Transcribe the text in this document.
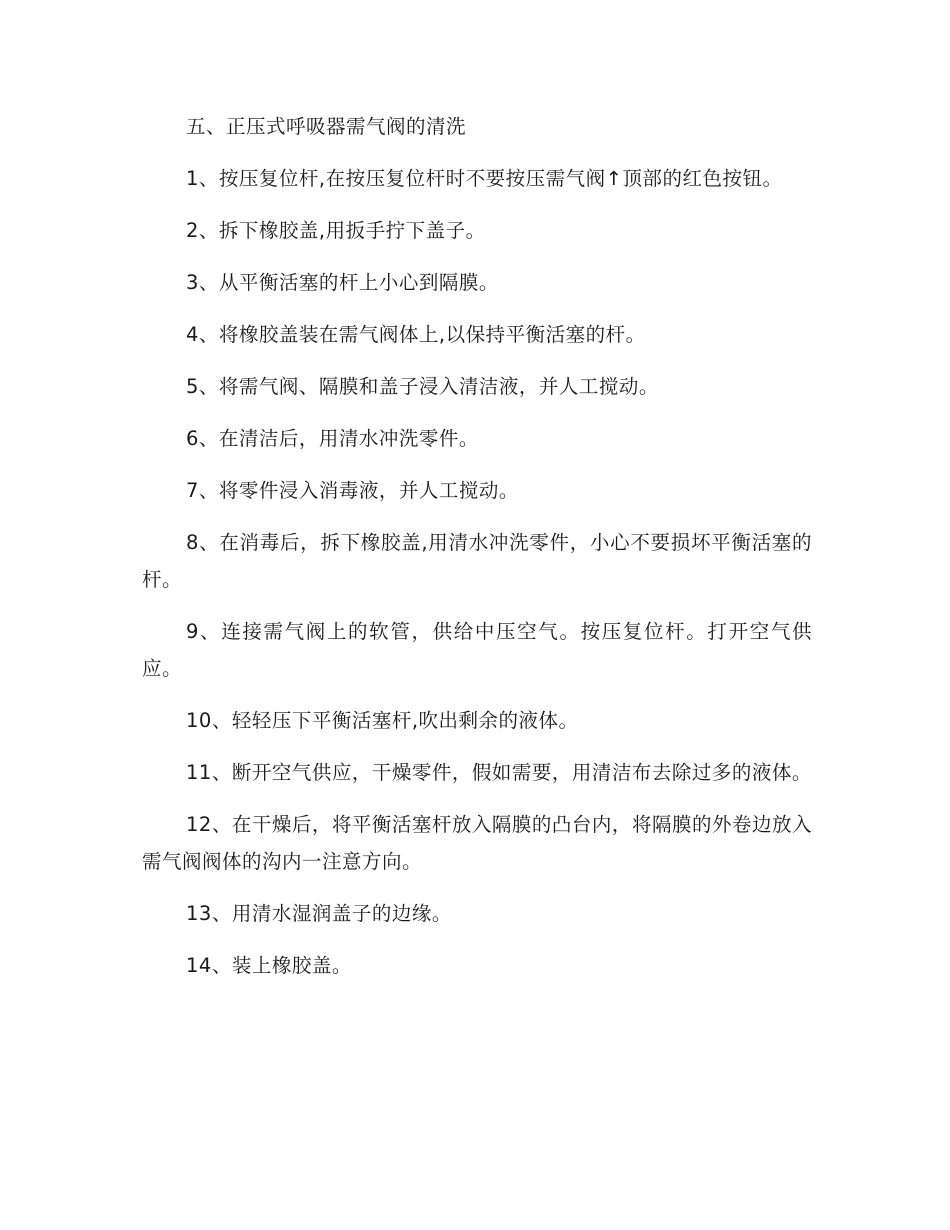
五、正压式呼吸器需气阀的清洗

1、按压复位杆,在按压复位杆时不要按压需气阀↑顶部的红色按钮。

2、拆下橡胶盖,用扳手拧下盖子。

3、从平衡活塞的杆上小心到隔膜。

4、将橡胶盖装在需气阀体上,以保持平衡活塞的杆。

5、将需气阀、隔膜和盖子浸入清洁液，并人工搅动。

6、在清洁后，用清水冲洗零件。

7、将零件浸入消毒液，并人工搅动。

8、在消毒后，拆下橡胶盖,用清水冲洗零件，小心不要损坏平衡活塞的杆。

9、连接需气阀上的软管，供给中压空气。按压复位杆。打开空气供应。

10、轻轻压下平衡活塞杆,吹出剩余的液体。

11、断开空气供应，干燥零件，假如需要，用清洁布去除过多的液体。

12、在干燥后，将平衡活塞杆放入隔膜的凸台内，将隔膜的外卷边放入需气阀阀体的沟内一注意方向。

13、用清水湿润盖子的边缘。

14、装上橡胶盖。
